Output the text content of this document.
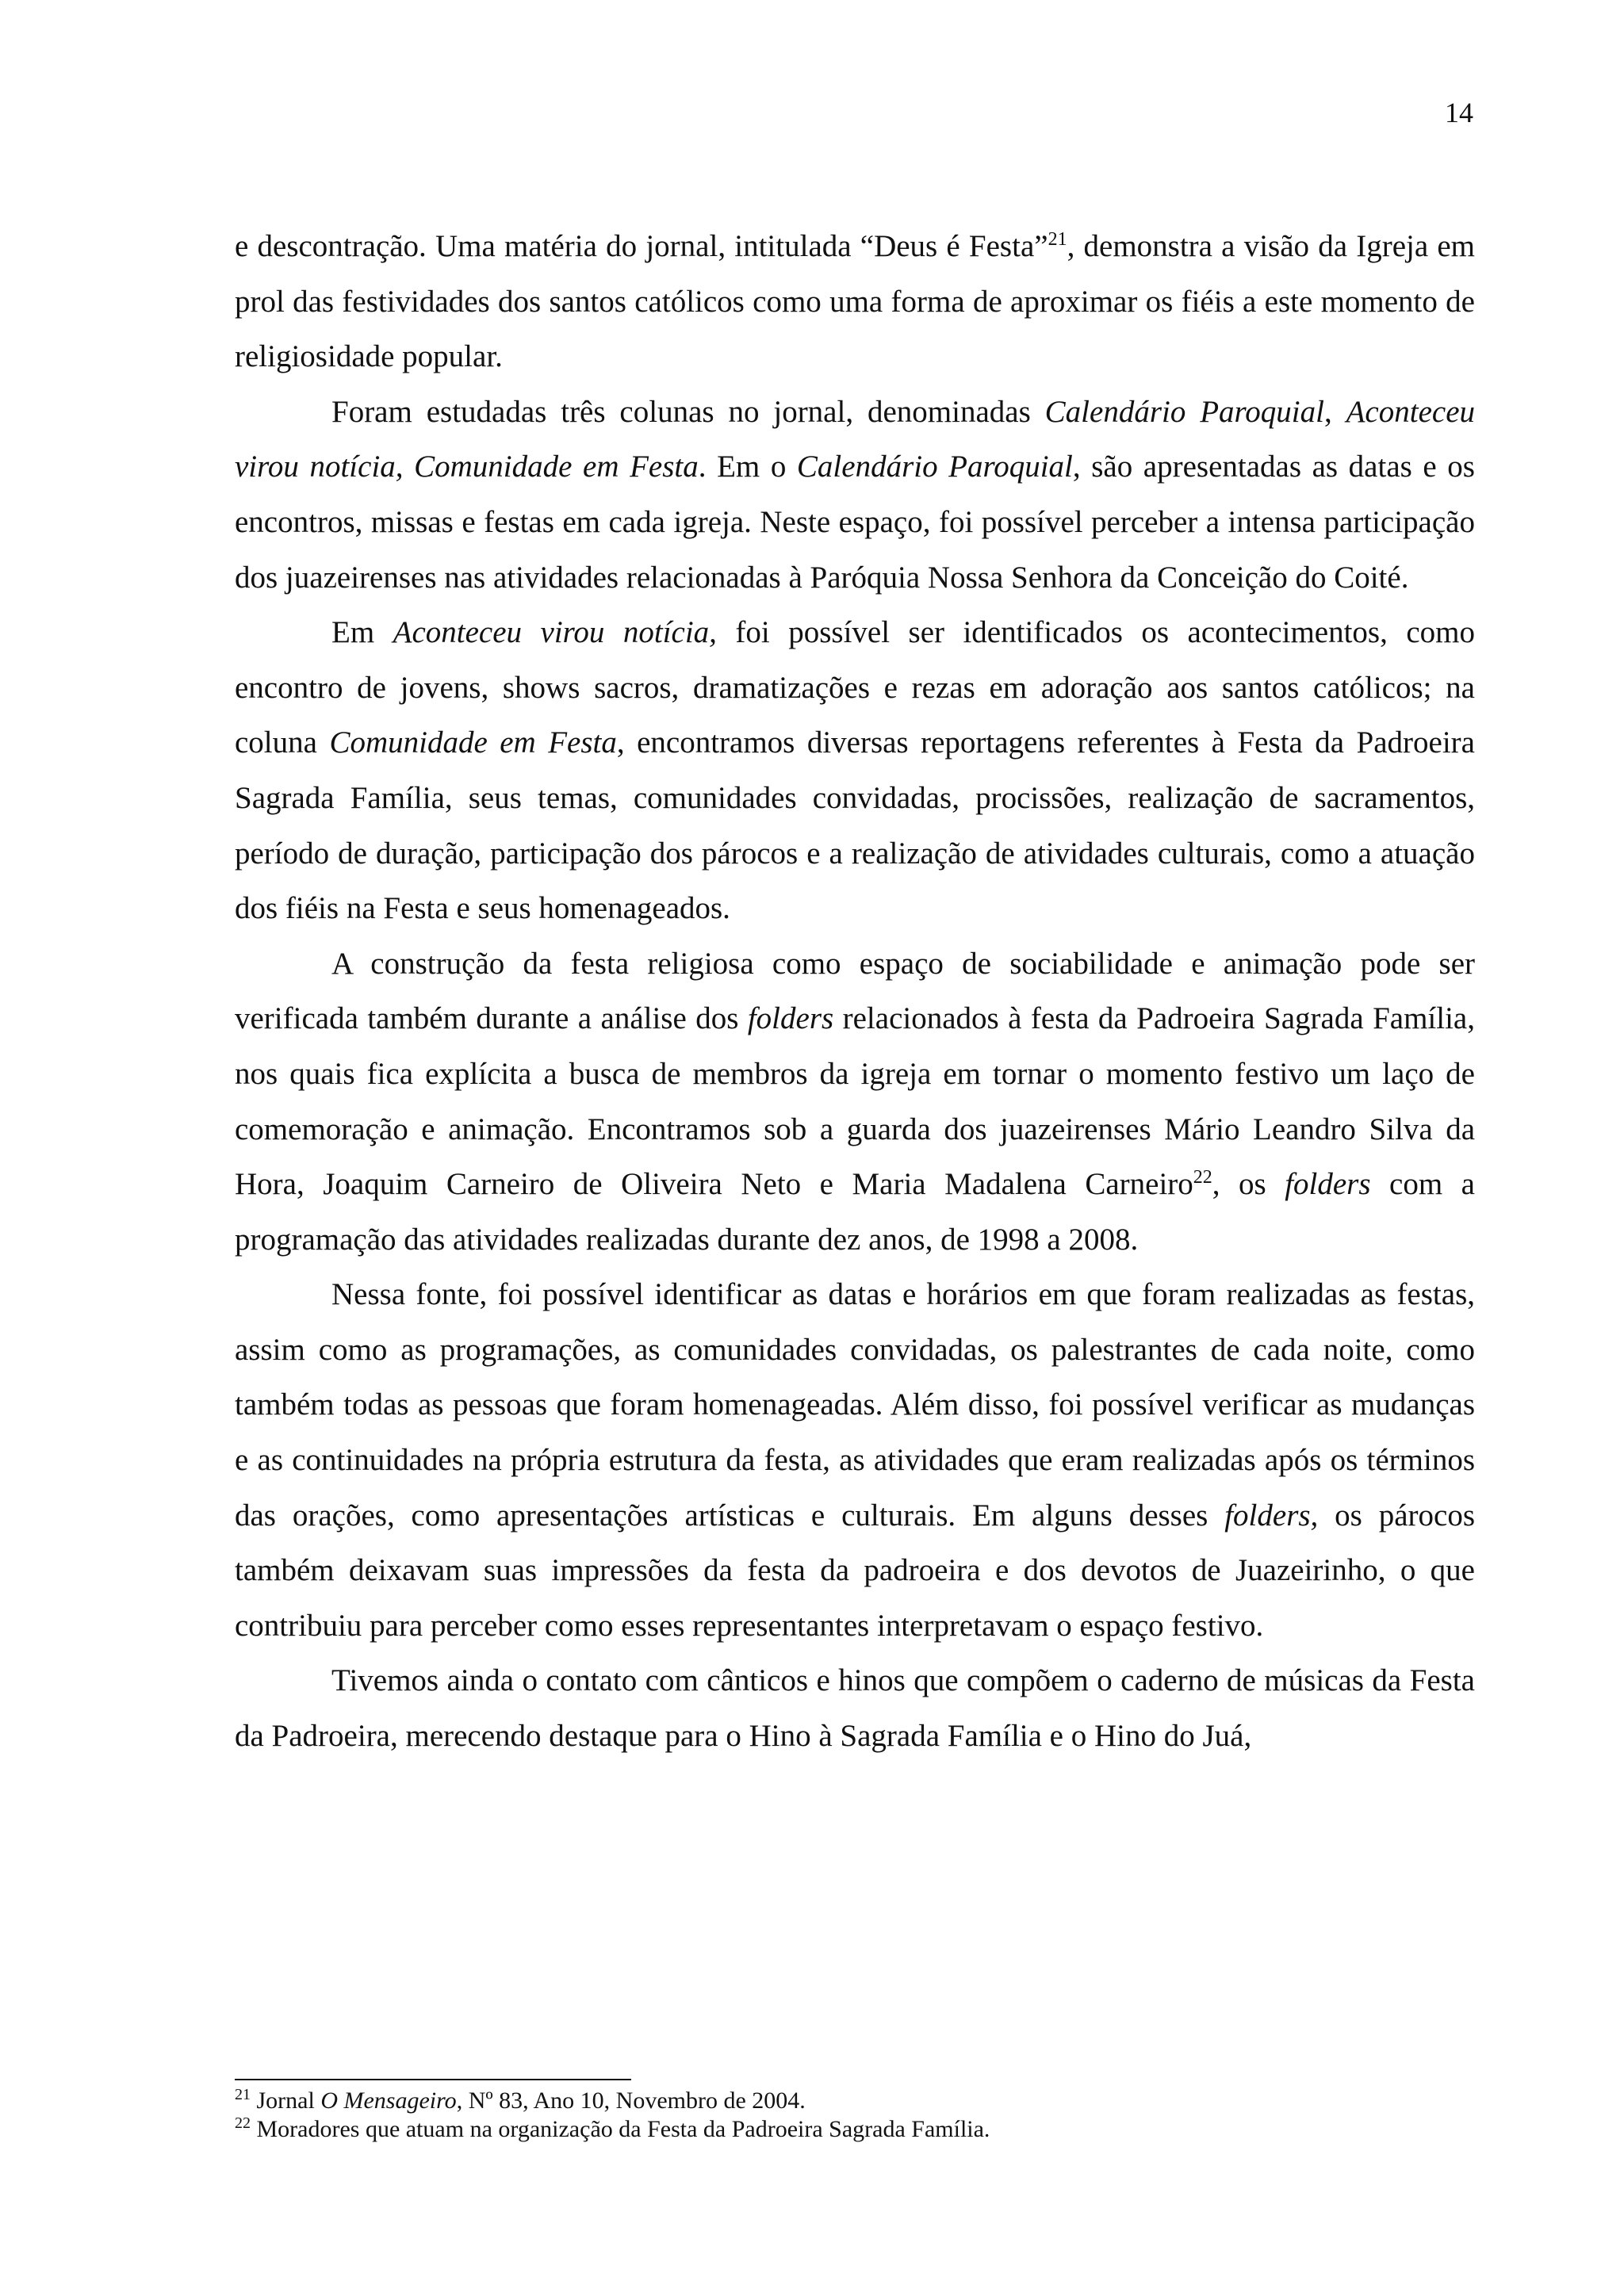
14

e descontração. Uma matéria do jornal, intitulada “Deus é Festa”$^{21}$, demonstra a visão da Igreja em prol das festividades dos santos católicos como uma forma de aproximar os fiéis a este momento de religiosidade popular.

Foram estudadas três colunas no jornal, denominadas Calendário Paroquial, Aconteceu virou notícia, Comunidade em Festa. Em o Calendário Paroquial, são apresentadas as datas e os encontros, missas e festas em cada igreja. Neste espaço, foi possível perceber a intensa participação dos juazeirenses nas atividades relacionadas à Paróquia Nossa Senhora da Conceição do Coité.

Em Aconteceu virou notícia, foi possível ser identificados os acontecimentos, como encontro de jovens, shows sacros, dramatizações e rezas em adoração aos santos católicos; na coluna Comunidade em Festa, encontramos diversas reportagens referentes à Festa da Padroeira Sagrada Família, seus temas, comunidades convidadas, procissões, realização de sacramentos, período de duração, participação dos párocos e a realização de atividades culturais, como a atuação dos fiéis na Festa e seus homenageados.

A construção da festa religiosa como espaço de sociabilidade e animação pode ser verificada também durante a análise dos folders relacionados à festa da Padroeira Sagrada Família, nos quais fica explícita a busca de membros da igreja em tornar o momento festivo um laço de comemoração e animação. Encontramos sob a guarda dos juazeirenses Mário Leandro Silva da Hora, Joaquim Carneiro de Oliveira Neto e Maria Madalena Carneiro$^{22}$, os folders com a programação das atividades realizadas durante dez anos, de 1998 a 2008.

Nessa fonte, foi possível identificar as datas e horários em que foram realizadas as festas, assim como as programações, as comunidades convidadas, os palestrantes de cada noite, como também todas as pessoas que foram homenageadas. Além disso, foi possível verificar as mudanças e as continuidades na própria estrutura da festa, as atividades que eram realizadas após os términos das orações, como apresentações artísticas e culturais. Em alguns desses folders, os párocos também deixavam suas impressões da festa da padroeira e dos devotos de Juazeirinho, o que contribuiu para perceber como esses representantes interpretavam o espaço festivo.

Tivemos ainda o contato com cânticos e hinos que compõem o caderno de músicas da Festa da Padroeira, merecendo destaque para o Hino à Sagrada Família e o Hino do Juá,

$^{21}$ Jornal O Mensageiro, Nº 83, Ano 10, Novembro de 2004.

$^{22}$ Moradores que atuam na organização da Festa da Padroeira Sagrada Família.
